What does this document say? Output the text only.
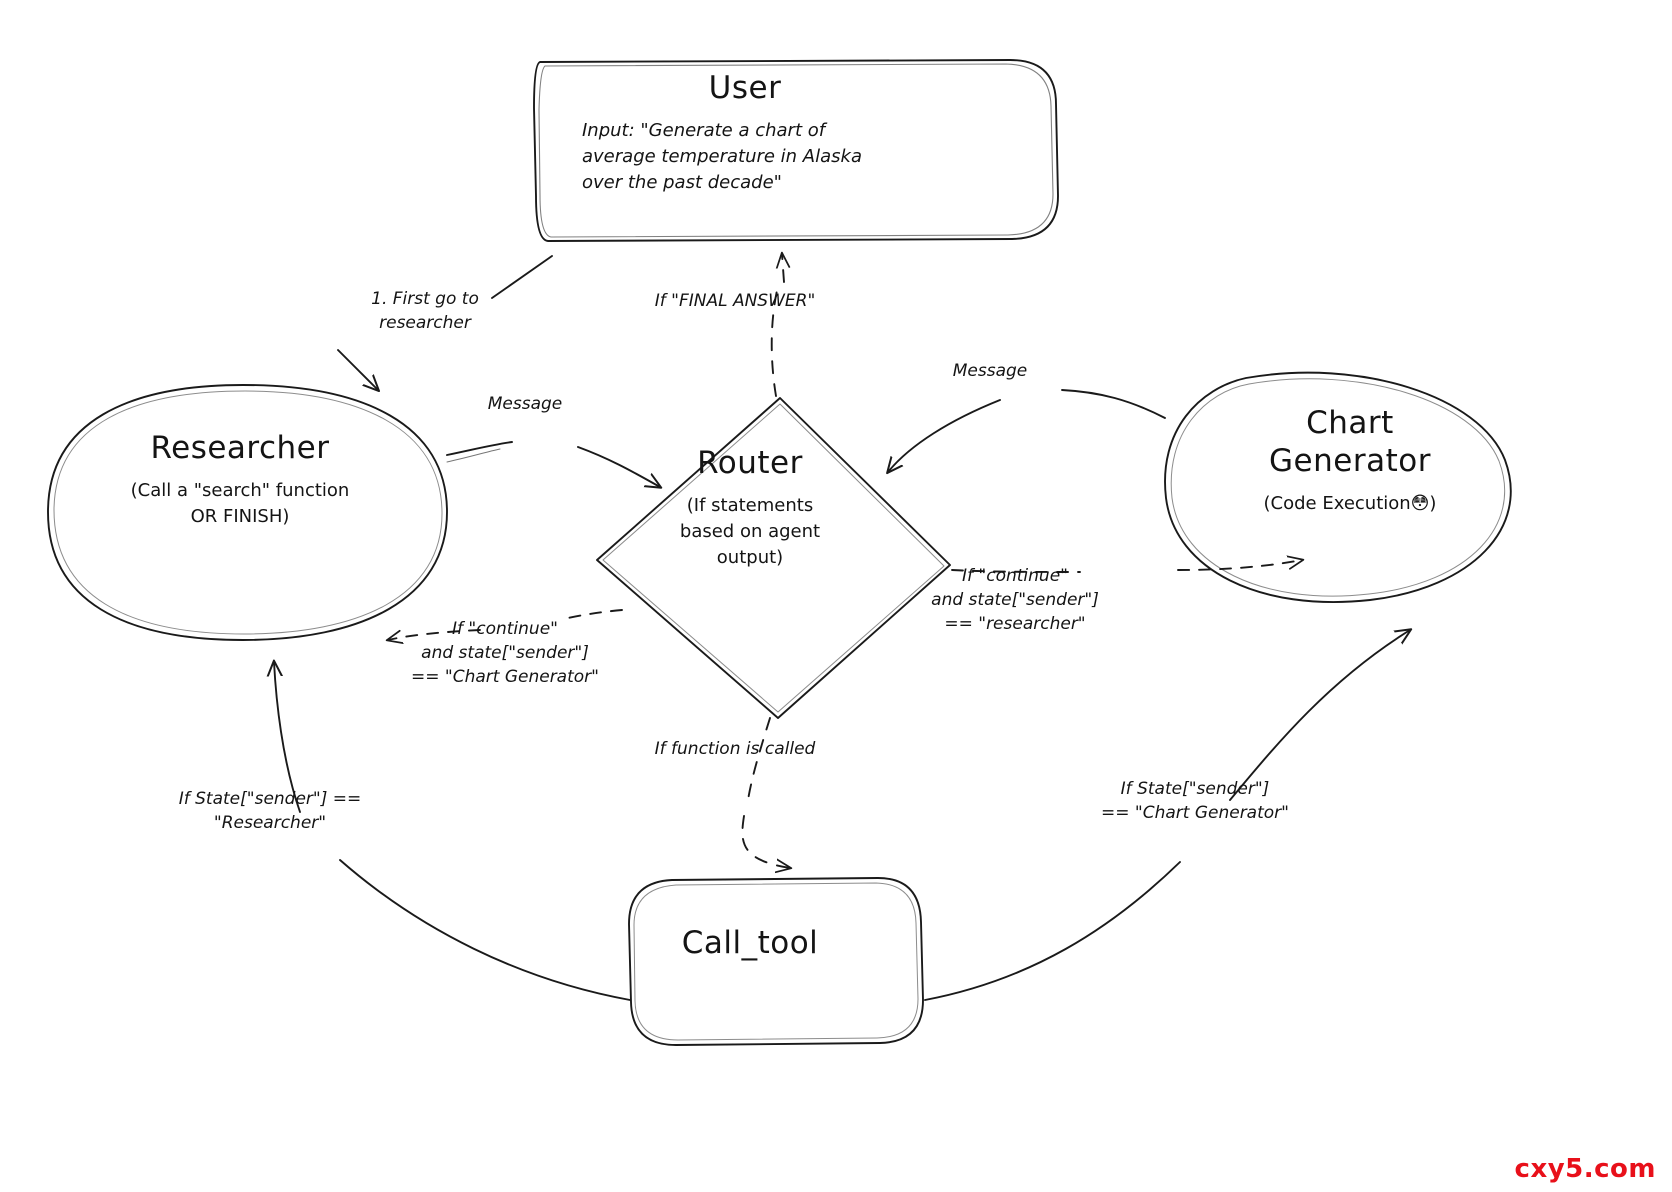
User
Input: "Generate a chart of
average temperature in Alaska
over the past decade"
Researcher
(Call a "search" function
OR FINISH)
Router
(If statements
based on agent
output)
Chart
Generator
(Code Execution😳)
Call_tool
1. First go to
researcher
If "FINAL ANSWER"
Message
Message
If "continue"
and state["sender"]
== "Chart Generator"
If "continue"
and state["sender"]
== "researcher"
If function is called
If State["sender"] ==
"Researcher"
If State["sender"]
== "Chart Generator"
cxy5.com
